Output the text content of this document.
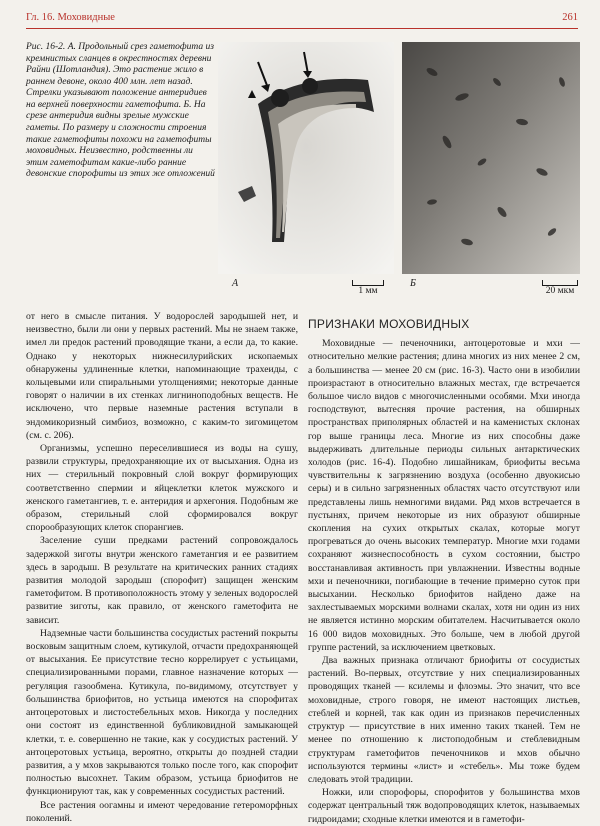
Гл. 16. Моховидные	261
Рис. 16-2. А. Продольный срез гаметофита из кремнистых сланцев в окрестностях деревни Райни (Шотландия). Это растение жило в раннем девоне, около 400 млн. лет назад. Стрелки указывают положение антеридиев на верхней поверхности гаметофита. Б. На срезе антеридия видны зрелые мужские гаметы. По размеру и сложности строения такие гаметофиты похожи на гаметофиты моховидных. Неизвестно, родственны ли этим гаметофитам какие-либо ранние девонские спорофиты из этих же отложений
А
1 мм
Б
20 мкм

от него в смысле питания. У водорослей зародышей нет, и неизвестно, были ли они у первых растений. Мы не знаем также, имел ли предок растений проводящие ткани, а если да, то какие. Однако у некоторых нижнесилурийских ископаемых обнаружены удлиненные клетки, напоминающие трахеиды, с кольцевыми или спиральными утолщениями; некоторые данные говорят о наличии в их стенках лигниноподобных веществ. Не исключено, что первые наземные растения вступали в эндомикоризный симбиоз, возможно, с каким-то зигомицетом (см. с. 206).

Организмы, успешно переселившиеся из воды на сушу, развили структуры, предохраняющие их от высыхания. Одна из них — стерильный покровный слой вокруг формирующих соответственно спермии и яйцеклетки клеток мужского и женского гаметангиев, т. е. антеридия и архегония. Подобным же образом, стерильный слой сформировался вокруг спорообразующих клеток спорангиев.

Заселение суши предками растений сопровождалось задержкой зиготы внутри женского гаметангия и ее развитием здесь в зародыш. В результате на критических ранних стадиях развития молодой зародыш (спорофит) защищен женским гаметофитом. В противоположность этому у зеленых водорослей развитие зиготы, как правило, от женского гаметофита не зависит.

Надземные части большинства сосудистых растений покрыты восковым защитным слоем, кутикулой, отчасти предохраняющей от высыхания. Ее присутствие тесно коррелирует с устьицами, специализированными порами, главное назначение которых — регуляция газообмена. Кутикула, по-видимому, отсутствует у большинства бриофитов, но устьица имеются на спорофитах антоцеротовых и листостебельных мхов. Никогда у последних они состоят из единственной бубликовидной замыкающей клетки, т. е. совершенно не такие, как у сосудистых растений. У антоцеротовых устьица, вероятно, открыты до поздней стадии развития, а у мхов закрываются только после того, как спорофит полностью высохнет. Таким образом, устьица бриофитов не функционируют так, как у современных сосудистых растений.

Все растения оогамны и имеют чередование гетероморфных поколений.

ПРИЗНАКИ МОХОВИДНЫХ

Моховидные — печеночники, антоцеротовые и мхи — относительно мелкие растения; длина многих из них менее 2 см, а большинства — менее 20 см (рис. 16-3). Часто они в изобилии произрастают в относительно влажных местах, где встречается большое число видов с многочисленными особями. Мхи иногда господствуют, вытесняя прочие растения, на обширных пространствах приполярных областей и на каменистых склонах гор выше границы леса. Многие из них способны даже выдерживать длительные периоды сильных антарктических холодов (рис. 16-4). Подобно лишайникам, бриофиты весьма чувствительны к загрязнению воздуха (особенно двуокисью серы) и в сильно загрязненных областях часто отсутствуют или представлены лишь немногими видами. Ряд мхов встречается в пустынях, причем некоторые из них образуют обширные скопления на сухих открытых скалах, которые могут прогреваться до очень высоких температур. Многие мхи годами сохраняют жизнеспособность в сухом состоянии, быстро восстанавливая активность при увлажнении. Известны водные мхи и печеночники, погибающие в течение примерно суток при высыхании. Несколько бриофитов найдено даже на захлестываемых морскими волнами скалах, хотя ни один из них не является истинно морским обитателем. Насчитывается около 16 000 видов моховидных. Это больше, чем в любой другой группе растений, за исключением цветковых.

Два важных признака отличают бриофиты от сосудистых растений. Во-первых, отсутствие у них специализированных проводящих тканей — ксилемы и флоэмы. Это значит, что все моховидные, строго говоря, не имеют настоящих листьев, стеблей и корней, так как один из признаков перечисленных структур — присутствие в них именно таких тканей. Тем не менее по отношению к листоподобным и стеблевидным структурам гаметофитов печеночников и мхов обычно используются термины «лист» и «стебель». Мы тоже будем следовать этой традиции.

Ножки, или спорофоры, спорофитов у большинства мхов содержат центральный тяж водопроводящих клеток, называемых гидроидами; сходные клетки имеются и в гаметофи-
